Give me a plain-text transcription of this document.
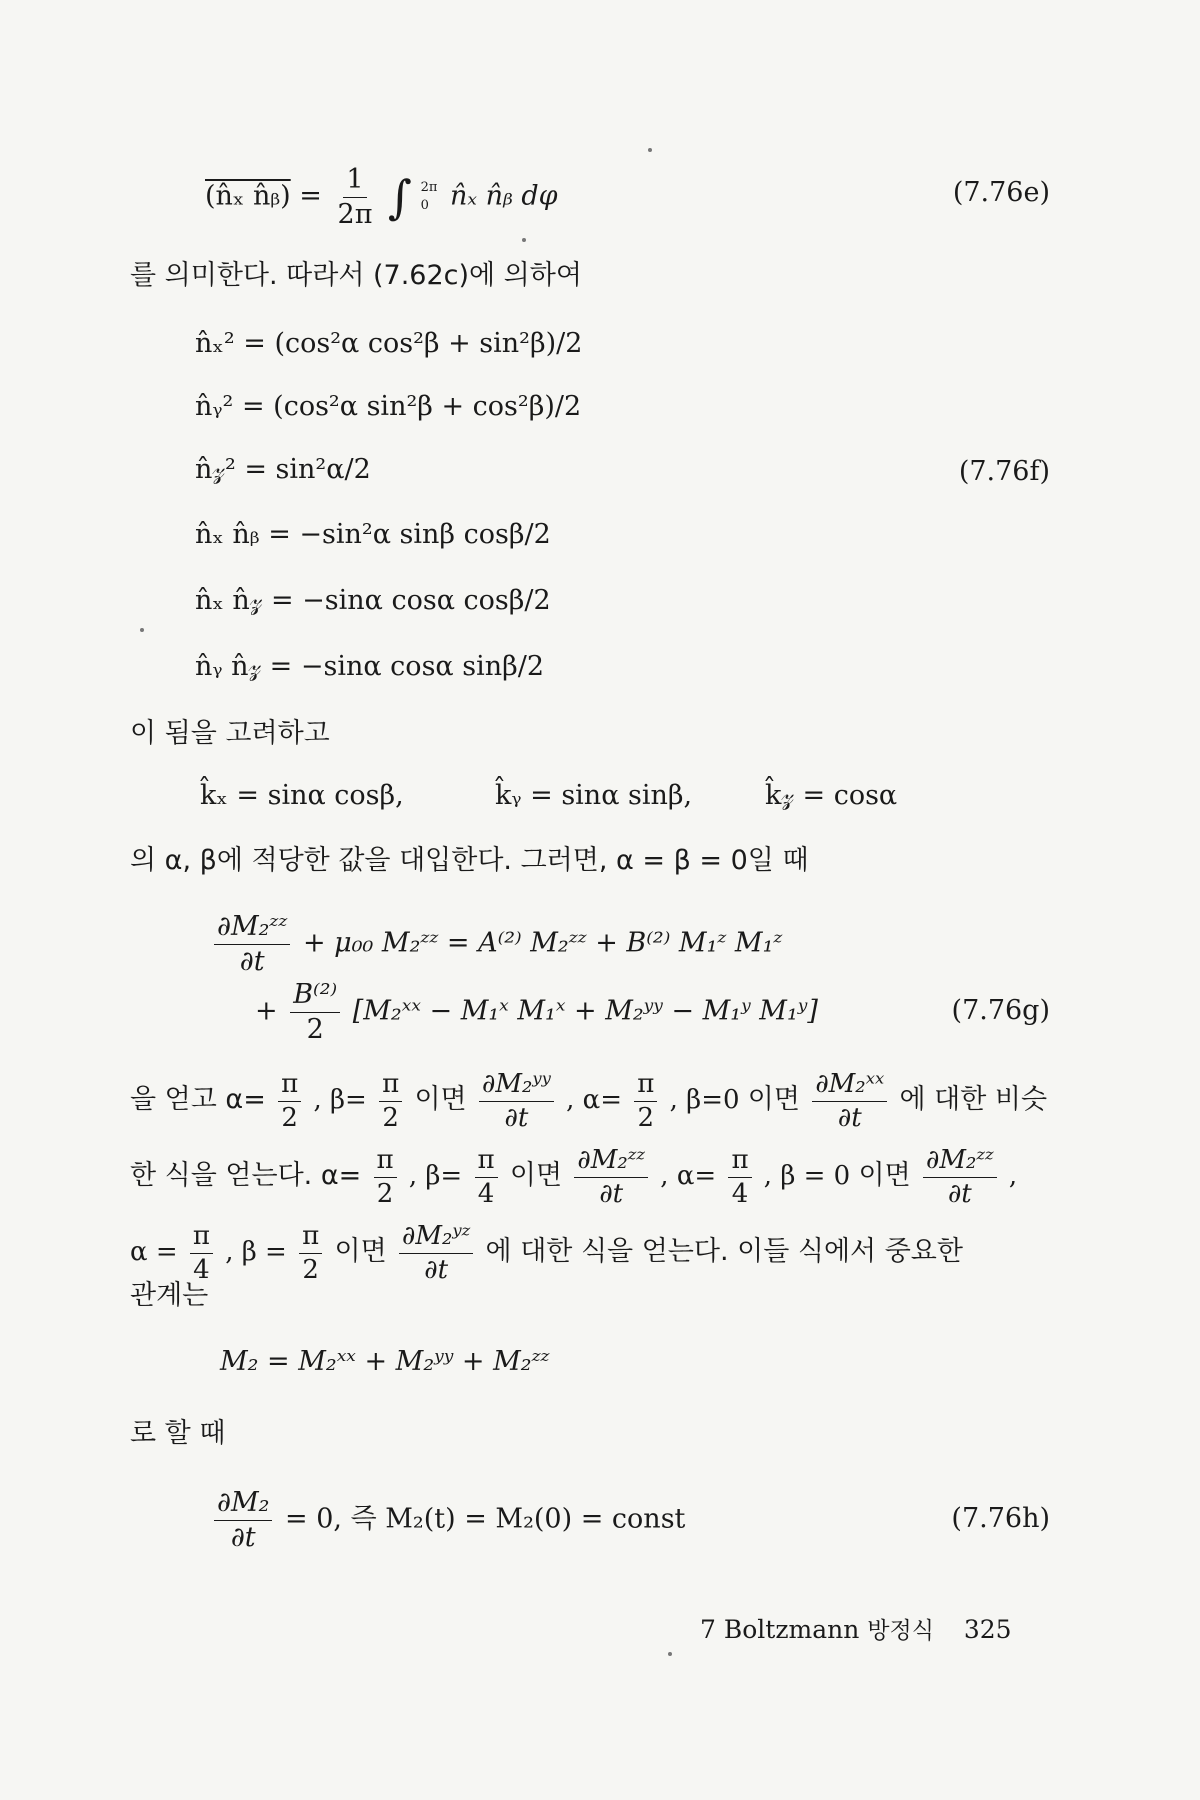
(n̂ₓ n̂ᵦ) = $\frac{1}{2\pi}$ ∫ 2π
0 n̂ₓ n̂ᵦ dφ	(7.76e)
를 의미한다. 따라서 (7.62c)에 의하여
n̂ₓ² = (cos²α cos²β + sin²β)/2
n̂ᵧ² = (cos²α sin²β + cos²β)/2
n̂𝓏² = sin²α/2	(7.76f)
n̂ₓ n̂ᵦ = −sin²α sinβ cosβ/2
n̂ₓ n̂𝓏 = −sinα cosα cosβ/2
n̂ᵧ n̂𝓏 = −sinα cosα sinβ/2
이 됨을 고려하고
k̂ₓ = sinα cosβ,	k̂ᵧ = sinα sinβ,	k̂𝓏 = cosα
의 α, β에 적당한 값을 대입한다. 그러면, α = β = 0일 때
$\frac{\text{∂M₂ᶻᶻ}}{\partial t} + \mu_{00}$ M₂ᶻᶻ = A⁽²⁾ M₂ᶻᶻ + B⁽²⁾ M₁ᶻ M₁ᶻ
+ $\frac{\text{B⁽²⁾}}{2}$ [M₂ˣˣ − M₁ˣ M₁ˣ + M₂ʸʸ − M₁ʸ M₁ʸ]	(7.76g)
을 얻고 $\alpha= \frac{\pi}{2}$ , $\beta= \frac{\pi}{2}$ 이면 $\frac{\text{∂M₂ʸʸ}}{\partial t}$ , $\alpha= \frac{\pi}{2}$ , β=0 이면 $\frac{\text{∂M₂ˣˣ}}{\partial t}$ 에 대한 비슷
한 식을 얻는다. $\alpha= \frac{\pi}{2}$ , $\beta= \frac{\pi}{4}$ 이면 $\frac{\text{∂M₂ᶻᶻ}}{\partial t}$ , $\alpha= \frac{\pi}{4}$ , β = 0 이면 $\frac{\text{∂M₂ᶻᶻ}}{\partial t}$ ,
$\alpha = \frac{\pi}{4}$ , $\beta = \frac{\pi}{2}$ 이면 $\frac{\text{∂M₂ʸᶻ}}{\partial t}$ 에 대한 식을 얻는다. 이들 식에서 중요한
관계는
M₂ = M₂ˣˣ + M₂ʸʸ + M₂ᶻᶻ
로 할 때
$\frac{\text{∂M₂}}{\partial t} = 0$, 즉 M₂(t) = M₂(0) = const	(7.76h)
7 Boltzmann 방정식 325
